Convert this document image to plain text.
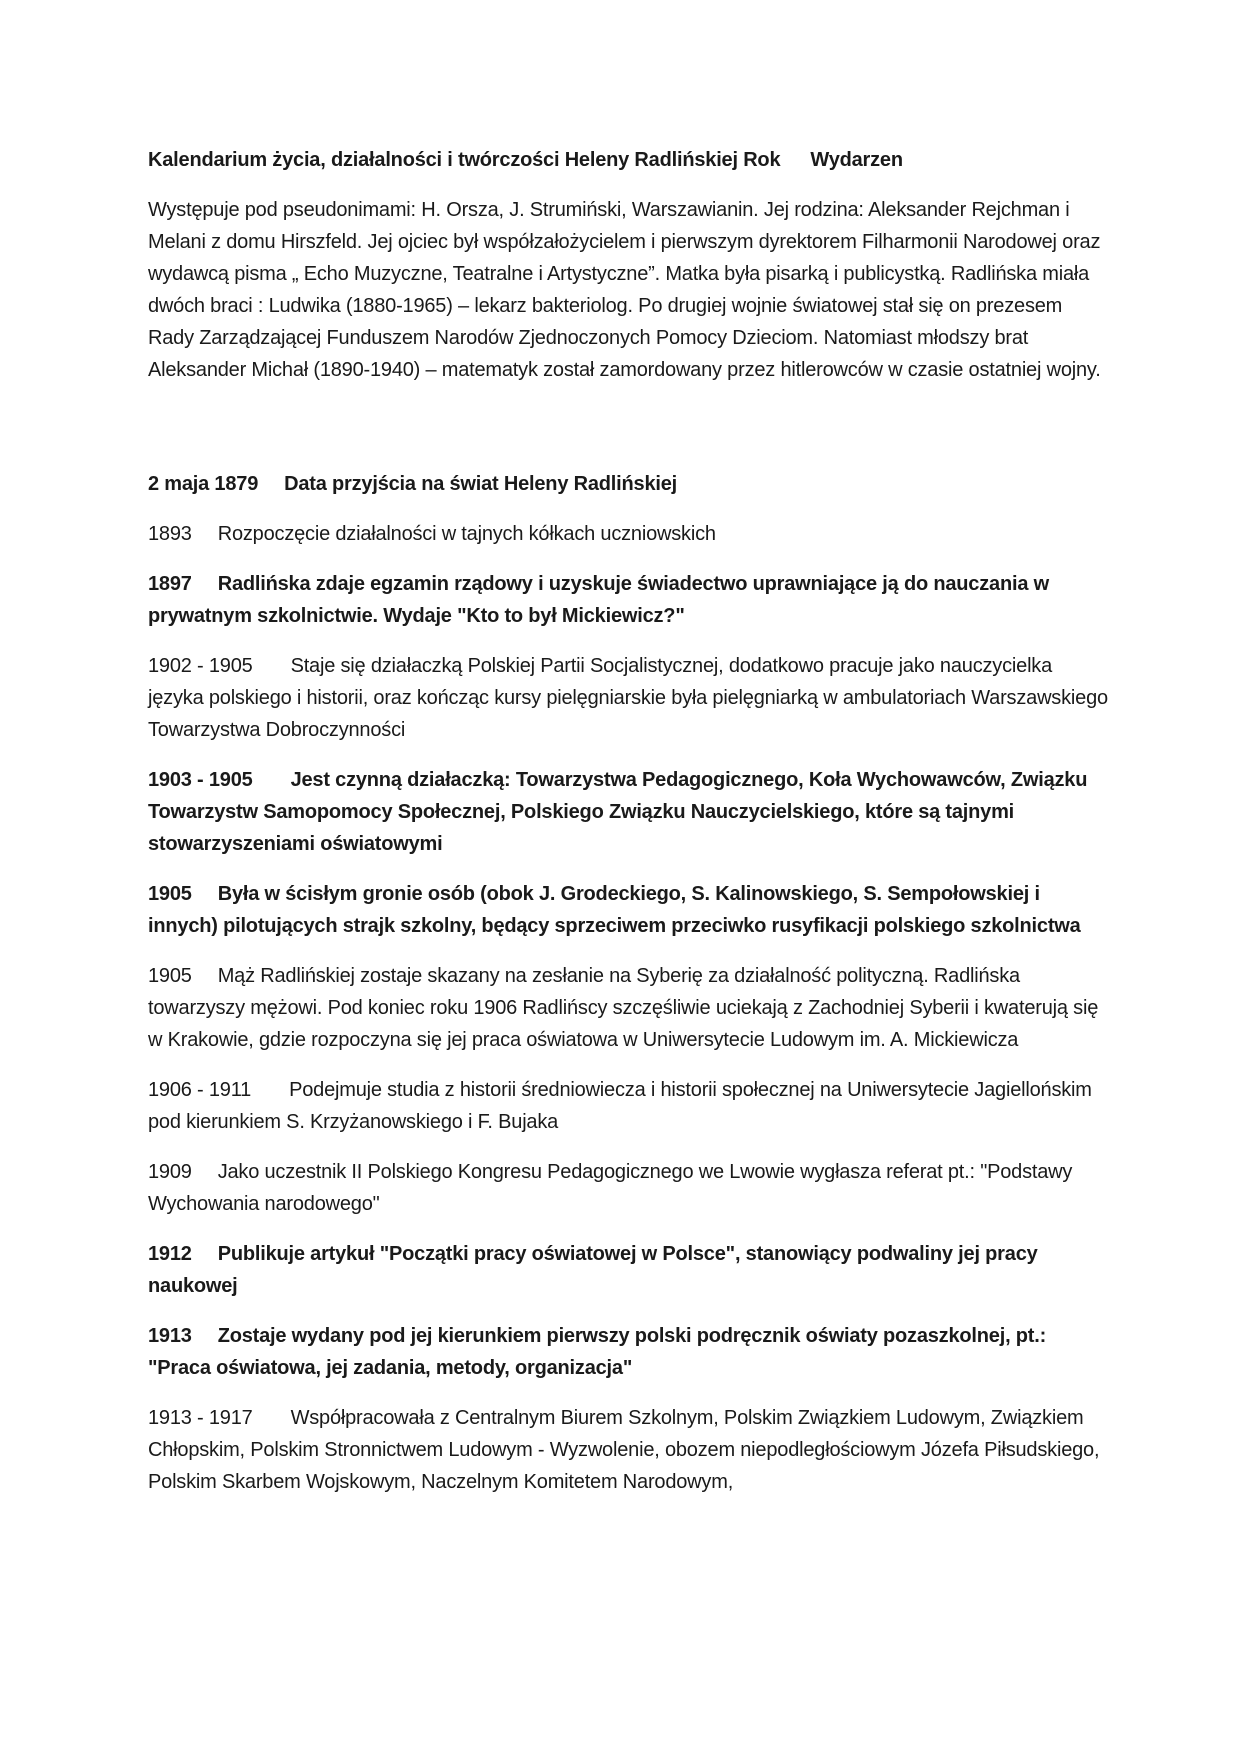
Kalendarium życia, działalności i twórczości Heleny Radlińskiej Rok Wydarzen

Występuje pod pseudonimami: H. Orsza, J. Strumiński, Warszawianin. Jej rodzina: Aleksander Rejchman i Melani z domu Hirszfeld. Jej ojciec był współzałożycielem i pierwszym dyrektorem Filharmonii Narodowej oraz wydawcą pisma „ Echo Muzyczne, Teatralne i Artystyczne”. Matka była pisarką i publicystką. Radlińska miała dwóch braci : Ludwika (1880-1965) – lekarz bakteriolog. Po drugiej wojnie światowej stał się on prezesem Rady Zarządzającej Funduszem Narodów Zjednoczonych Pomocy Dzieciom. Natomiast młodszy brat Aleksander Michał (1890-1940) – matematyk został zamordowany przez hitlerowców w czasie ostatniej wojny.

2 maja 1879 Data przyjścia na świat Heleny Radlińskiej

1893 Rozpoczęcie działalności w tajnych kółkach uczniowskich

1897 Radlińska zdaje egzamin rządowy i uzyskuje świadectwo uprawniające ją do nauczania w prywatnym szkolnictwie. Wydaje "Kto to był Mickiewicz?"

1902 - 1905 Staje się działaczką Polskiej Partii Socjalistycznej, dodatkowo pracuje jako nauczycielka języka polskiego i historii, oraz kończąc kursy pielęgniarskie była pielęgniarką w ambulatoriach Warszawskiego Towarzystwa Dobroczynności

1903 - 1905 Jest czynną działaczką: Towarzystwa Pedagogicznego, Koła Wychowawców, Związku Towarzystw Samopomocy Społecznej, Polskiego Związku Nauczycielskiego, które są tajnymi stowarzyszeniami oświatowymi

1905 Była w ścisłym gronie osób (obok J. Grodeckiego, S. Kalinowskiego, S. Sempołowskiej i innych) pilotujących strajk szkolny, będący sprzeciwem przeciwko rusyfikacji polskiego szkolnictwa

1905 Mąż Radlińskiej zostaje skazany na zesłanie na Syberię za działalność polityczną. Radlińska towarzyszy mężowi. Pod koniec roku 1906 Radlińscy szczęśliwie uciekają z Zachodniej Syberii i kwaterują się w Krakowie, gdzie rozpoczyna się jej praca oświatowa w Uniwersytecie Ludowym im. A. Mickiewicza

1906 - 1911 Podejmuje studia z historii średniowiecza i historii społecznej na Uniwersytecie Jagiellońskim pod kierunkiem S. Krzyżanowskiego i F. Bujaka

1909 Jako uczestnik II Polskiego Kongresu Pedagogicznego we Lwowie wygłasza referat pt.: "Podstawy Wychowania narodowego"

1912 Publikuje artykuł "Początki pracy oświatowej w Polsce", stanowiący podwaliny jej pracy naukowej

1913 Zostaje wydany pod jej kierunkiem pierwszy polski podręcznik oświaty pozaszkolnej, pt.: "Praca oświatowa, jej zadania, metody, organizacja"

1913 - 1917 Współpracowała z Centralnym Biurem Szkolnym, Polskim Związkiem Ludowym, Związkiem Chłopskim, Polskim Stronnictwem Ludowym - Wyzwolenie, obozem niepodległościowym Józefa Piłsudskiego, Polskim Skarbem Wojskowym, Naczelnym Komitetem Narodowym,
